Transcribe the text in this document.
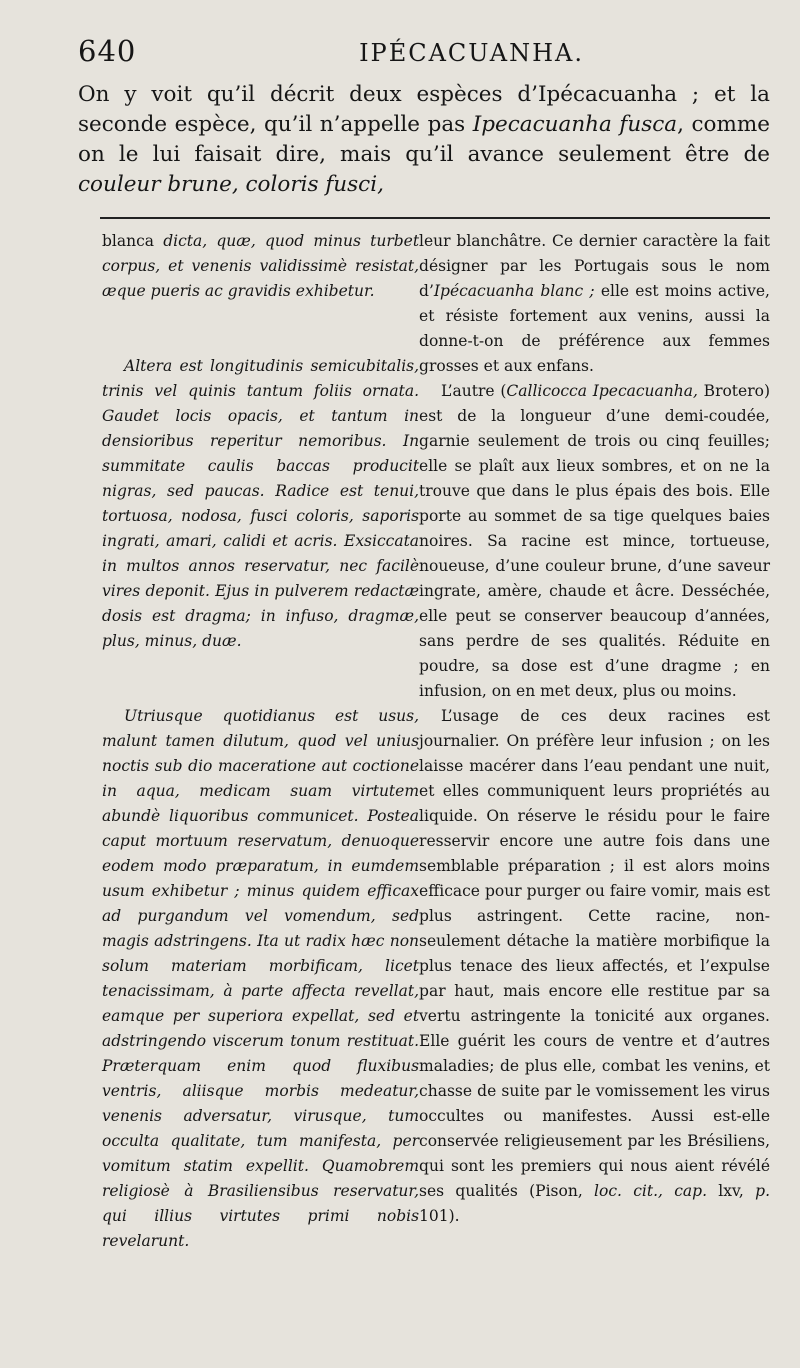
640	IPÉCACUANHA.

On y voit qu’il décrit deux espèces d’Ipécacuanha ; et la seconde espèce, qu’il n’appelle pas Ipecacuanha fusca, comme on le lui faisait dire, mais qu’il avance seulement être de couleur brune, coloris fusci,

blanca dicta, quæ, quod minus turbet corpus, et venenis validissimè resistat, æque pueris ac gravidis exhibetur.

Altera est longitudinis semicubitalis, trinis vel quinis tantum foliis ornata. Gaudet locis opacis, et tantum in densioribus reperitur nemoribus. In summitate caulis baccas producit nigras, sed paucas. Radice est tenui, tortuosa, nodosa, fusci coloris, saporis ingrati, amari, calidi et acris. Exsiccata in multos annos reservatur, nec facilè vires deponit. Ejus in pulverem redactæ dosis est dragma; in infuso, dragmæ, plus, minus, duæ.

Utriusque quotidianus est usus, malunt tamen dilutum, quod vel unius noctis sub dio maceratione aut coctione in aqua, medicam suam virtutem abundè liquoribus communicet. Postea caput mortuum reservatum, denuoque eodem modo præparatum, in eumdem usum exhibetur ; minus quidem efficax ad purgandum vel vomendum, sed magis adstringens. Ita ut radix hæc non solum materiam morbificam, licet tenacissimam, à parte affecta revellat, eamque per superiora expellat, sed et adstringendo viscerum tonum restituat. Præterquam enim quod fluxibus ventris, aliisque morbis medeatur, venenis adversatur, virusque, tum occulta qualitate, tum manifesta, per vomitum statim expellit. Quamobrem religiosè à Brasiliensibus reservatur, qui illius virtutes primi nobis revelarunt.

leur blanchâtre. Ce dernier caractère la fait désigner par les Portugais sous le nom d’Ipécacuanha blanc ; elle est moins active, et résiste fortement aux venins, aussi la donne-t-on de préférence aux femmes grosses et aux enfans.

L’autre (Callicocca Ipecacuanha, Brotero) est de la longueur d’une demi-coudée, garnie seulement de trois ou cinq feuilles; elle se plaît aux lieux sombres, et on ne la trouve que dans le plus épais des bois. Elle porte au sommet de sa tige quelques baies noires. Sa racine est mince, tortueuse, noueuse, d’une couleur brune, d’une saveur ingrate, amère, chaude et âcre. Desséchée, elle peut se conserver beaucoup d’années, sans perdre de ses qualités. Réduite en poudre, sa dose est d’une dragme ; en infusion, on en met deux, plus ou moins.

L’usage de ces deux racines est journalier. On préfère leur infusion ; on les laisse macérer dans l’eau pendant une nuit, et elles communiquent leurs propriétés au liquide. On réserve le résidu pour le faire resservir encore une autre fois dans une semblable préparation ; il est alors moins efficace pour purger ou faire vomir, mais est plus astringent. Cette racine, non-seulement détache la matière morbifique la plus tenace des lieux affectés, et l’expulse par haut, mais encore elle restitue par sa vertu astringente la tonicité aux organes. Elle guérit les cours de ventre et d’autres maladies; de plus elle, combat les venins, et chasse de suite par le vomissement les virus occultes ou manifestes. Aussi est-elle conservée religieusement par les Brésiliens, qui sont les premiers qui nous aient révélé ses qualités (Pison, loc. cit., cap. lxv, p. 101).
